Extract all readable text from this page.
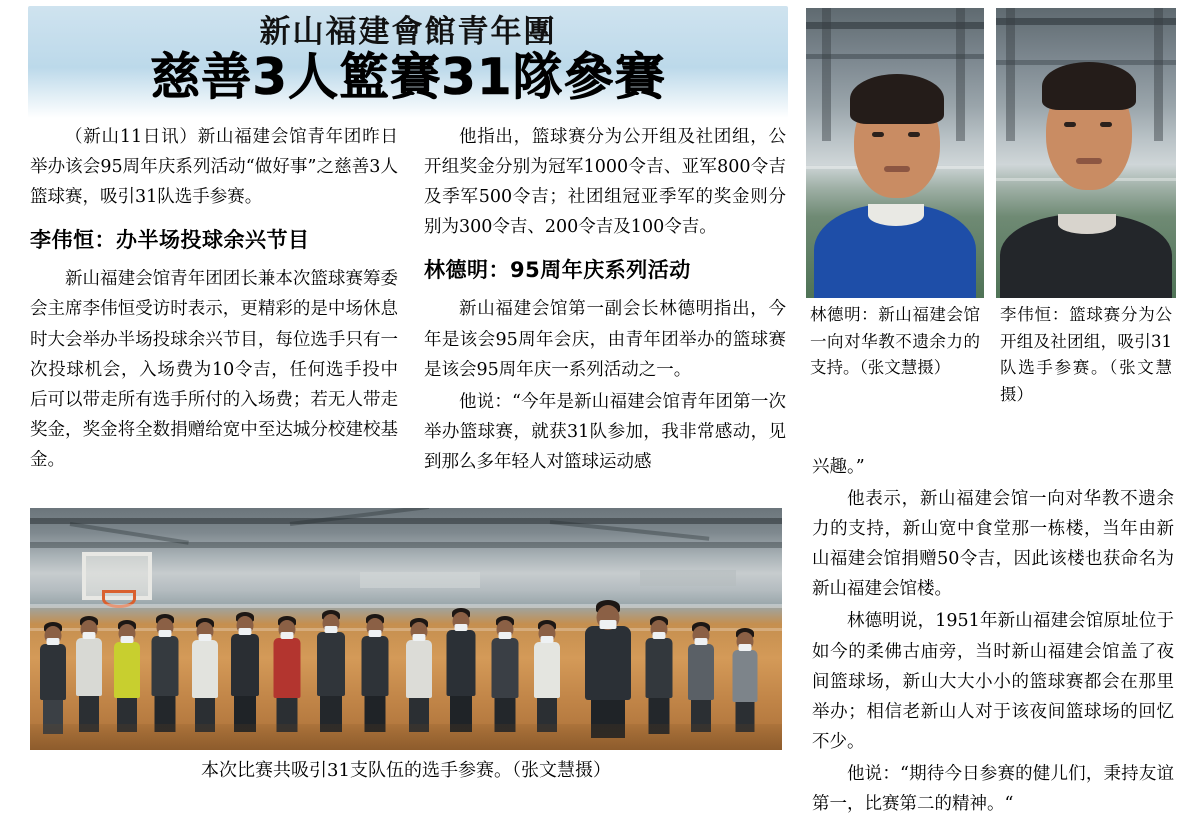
新山福建會館青年團
慈善3人籃賽31隊參賽

（新山11日讯）新山福建会馆青年团昨日举办该会95周年庆系列活动“做好事”之慈善3人篮球赛，吸引31队选手参赛。

李伟恒：办半场投球余兴节目

新山福建会馆青年团团长兼本次篮球赛筹委会主席李伟恒受访时表示，更精彩的是中场休息时大会举办半场投球余兴节目，每位选手只有一次投球机会，入场费为10令吉，任何选手投中后可以带走所有选手所付的入场费；若无人带走奖金，奖金将全数捐赠给宽中至达城分校建校基金。

他指出，篮球赛分为公开组及社团组，公开组奖金分别为冠军1000令吉、亚军800令吉及季军500令吉；社团组冠亚季军的奖金则分别为300令吉、200令吉及100令吉。

林德明：95周年庆系列活动

新山福建会馆第一副会长林德明指出，今年是该会95周年会庆，由青年团举办的篮球赛是该会95周年庆一系列活动之一。

他说：“今年是新山福建会馆青年团第一次举办篮球赛，就获31队参加，我非常感动，见到那么多年轻人对篮球运动感	兴趣。”

他表示，新山福建会馆一向对华教不遗余力的支持，新山宽中食堂那一栋楼，当年由新山福建会馆捐赠50令吉，因此该楼也获命名为新山福建会馆楼。

林德明说，1951年新山福建会馆原址位于如今的柔佛古庙旁，当时新山福建会馆盖了夜间篮球场，新山大大小小的篮球赛都会在那里举办；相信老新山人对于该夜间篮球场的回忆不少。

他说：“期待今日参赛的健儿们，秉持友谊第一，比赛第二的精神。“

林德明：新山福建会馆一向对华教不遗余力的支持。（张文慧摄）
李伟恒：篮球赛分为公开组及社团组，吸引31队选手参赛。（张文慧摄）
本次比赛共吸引31支队伍的选手参赛。（张文慧摄）
